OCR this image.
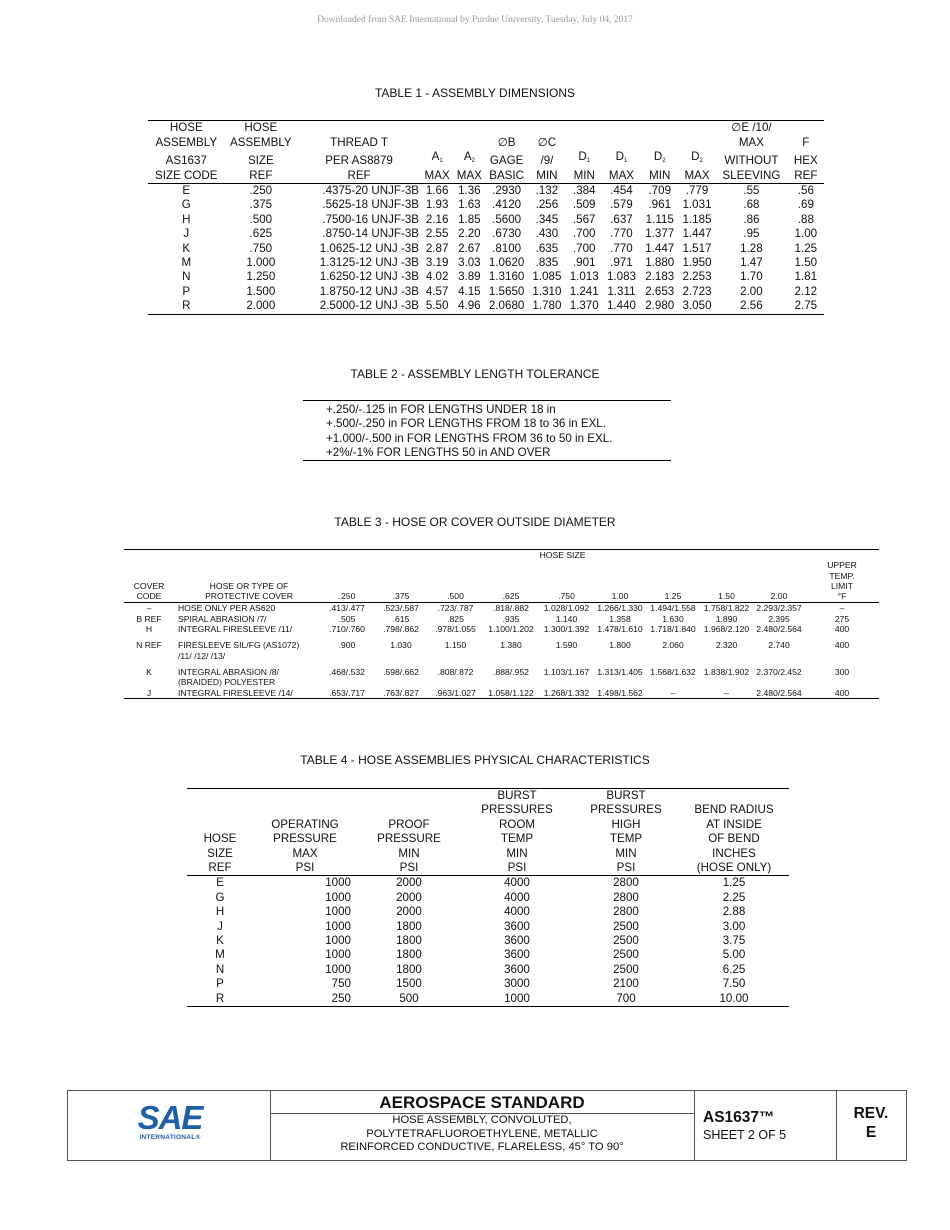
Downloaded from SAE International by Purdue University, Tuesday, July 04, 2017
TABLE 1 - ASSEMBLY DIMENSIONS
HOSE	HOSE										∅E /10/	
ASSEMBLY	ASSEMBLY	THREAD T			∅B	∅C					MAX	F
AS1637	SIZE	PER AS8879	$A_1$	$A_2$	GAGE	/9/	$D_1$	$D_1$	$D_2$	$D_2$	WITHOUT	HEX
SIZE CODE	REF	REF	MAX	MAX	BASIC	MIN	MIN	MAX	MIN	MAX	SLEEVING	REF
E	.250	.4375-20 UNJF-3B	1.66	1.36	.2930	.132	.384	.454	.709	.779	.55	.56
G	.375	.5625-18 UNJF-3B	1.93	1.63	.4120	.256	.509	.579	.961	1.031	.68	.69
H	.500	.7500-16 UNJF-3B	2.16	1.85	.5600	.345	.567	.637	1.115	1.185	.86	.88
J	.625	.8750-14 UNJF-3B	2.55	2.20	.6730	.430	.700	.770	1.377	1.447	.95	1.00
K	.750	1.0625-12 UNJ -3B	2.87	2.67	.8100	.635	.700	.770	1.447	1.517	1.28	1.25
M	1.000	1.3125-12 UNJ -3B	3.19	3.03	1.0620	.835	.901	.971	1.880	1.950	1.47	1.50
N	1.250	1.6250-12 UNJ -3B	4.02	3.89	1.3160	1.085	1.013	1.083	2.183	2.253	1.70	1.81
P	1.500	1.8750-12 UNJ -3B	4.57	4.15	1.5650	1.310	1.241	1.311	2.653	2.723	2.00	2.12
R	2.000	2.5000-12 UNJ -3B	5.50	4.96	2.0680	1.780	1.370	1.440	2.980	3.050	2.56	2.75
TABLE 2 - ASSEMBLY LENGTH TOLERANCE
+.250/-.125 in FOR LENGTHS UNDER 18 in
+.500/-.250 in FOR LENGTHS FROM 18 to 36 in EXL.
+1.000/-.500 in FOR LENGTHS FROM 36 to 50 in EXL.
+2%/-1% FOR LENGTHS 50 in AND OVER
TABLE 3 - HOSE OR COVER OUTSIDE DIAMETER
		HOSE SIZE									
											UPPER
											TEMP.
COVER	HOSE OR TYPE OF										LIMIT
CODE	PROTECTIVE COVER	.250	.375	.500	.625	.750	1.00	1.25	1.50	2.00	°F
–	HOSE ONLY PER AS620	.413/.477	.523/.587	.723/.787	.818/.882	1.028/1.092	1.266/1.330	1.494/1.558	1.758/1.822	2.293/2.357	–
B REF	SPIRAL ABRASION /7/	.505	.615	.825	.935	1.140	1.358	1.630	1.890	2.395	275
H	INTEGRAL FIRESLEEVE /11/	.710/.760	.798/.862	.978/1.055	1.100/1.202	1.300/1.392	1.478/1.610	1.718/1.840	1.968/2.120	2.480/2.564	400
N REF	FIRESLEEVE SIL/FG (AS1072)	.900	1.030	1.150	1.380	1.590	1.800	2.060	2.320	2.740	400
	/11/ /12/ /13/										
K	INTEGRAL ABRASION /8/	.468/.532	.598/.662	.808/.872	.888/.952	1.103/1.167	1.313/1.405	1.568/1.632	1.838/1.902	2.370/2.452	300
	(BRAIDED) POLYESTER										
J	INTEGRAL FIRESLEEVE /14/	.653/.717	.763/.827	.963/1.027	1.058/1.122	1.268/1.332	1.498/1.562	–	–	2.480/2.564	400
TABLE 4 - HOSE ASSEMBLIES PHYSICAL CHARACTERISTICS
			BURST	BURST	
			PRESSURES	PRESSURES	BEND RADIUS
	OPERATING	PROOF	ROOM	HIGH	AT INSIDE
HOSE	PRESSURE	PRESSURE	TEMP	TEMP	OF BEND
SIZE	MAX	MIN	MIN	MIN	INCHES
REF	PSI	PSI	PSI	PSI	(HOSE ONLY)
E	1000	2000	4000	2800	1.25
G	1000	2000	4000	2800	2.25
H	1000	2000	4000	2800	2.88
J	1000	1800	3600	2500	3.00
K	1000	1800	3600	2500	3.75
M	1000	1800	3600	2500	5.00
N	1000	1800	3600	2500	6.25
P	750	1500	3000	2100	7.50
R	250	500	1000	700	10.00
SAE
INTERNATIONAL®
AEROSPACE STANDARD
HOSE ASSEMBLY, CONVOLUTED,
POLYTETRAFLUOROETHYLENE, METALLIC
REINFORCED CONDUCTIVE, FLARELESS, 45° TO 90°
AS1637™
SHEET 2 OF 5
REV.
E
